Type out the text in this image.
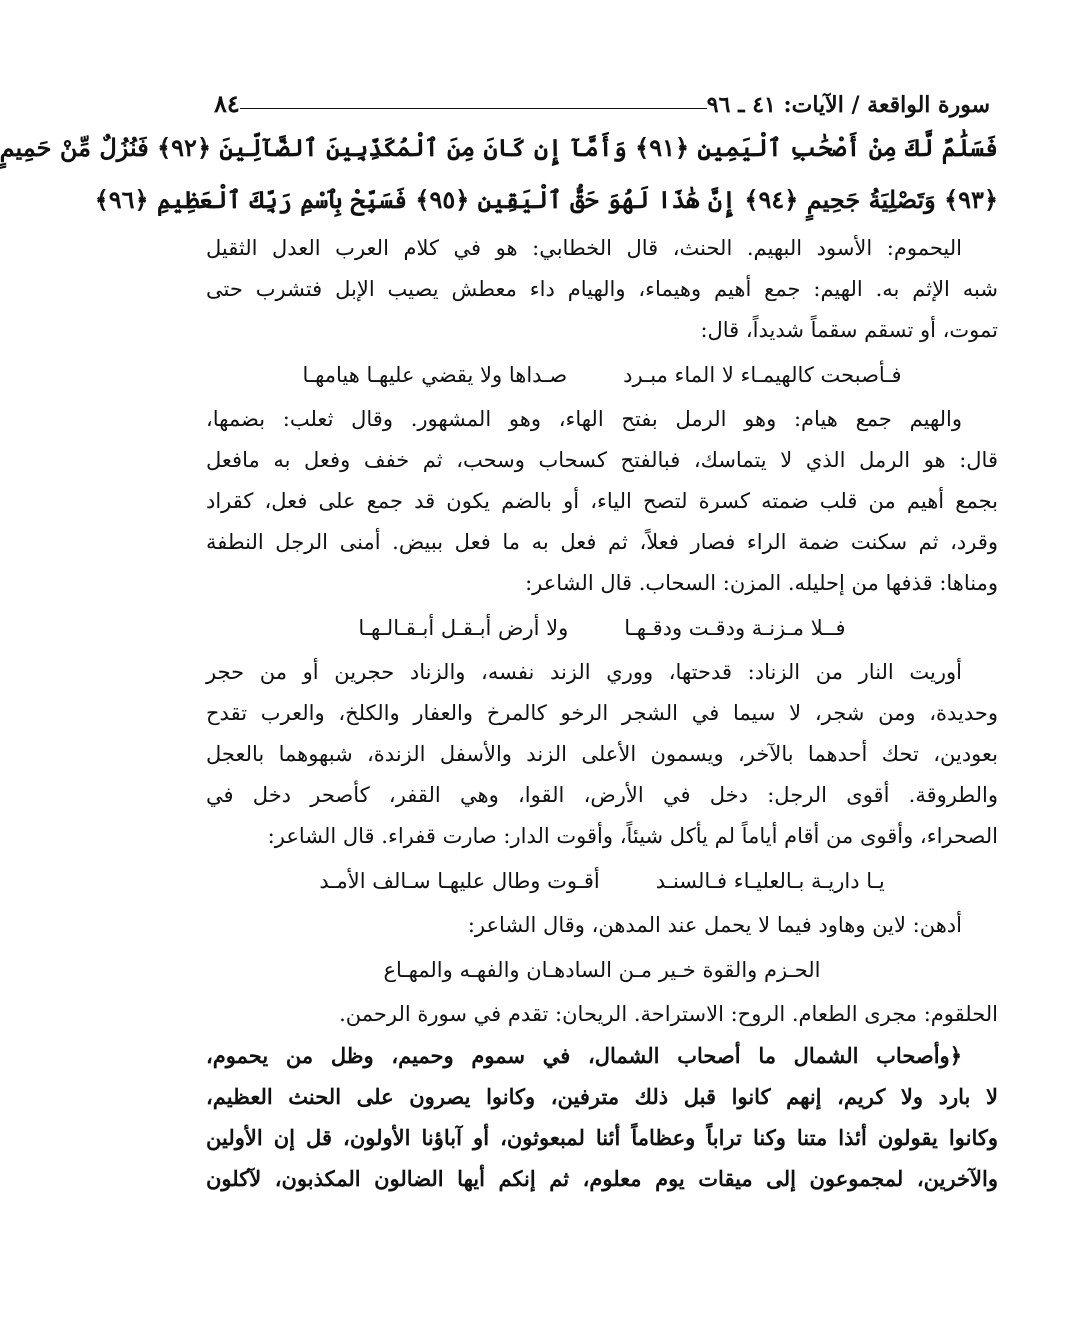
سورة الواقعة / الآيات: ٤١ ـ ٩٦
٨٤
فَسَلَٰمٌ لَّكَ مِنْ أَصْحَٰبِ ٱلْيَمِينِ ﴿٩١﴾ وَأَمَّآ إِن كَانَ مِنَ ٱلْمُكَذِّبِينَ ٱلضَّآلِّينَ ﴿٩٢﴾ فَنُزُلٌ مِّنْ حَمِيمٍ
﴿٩٣﴾ وَتَصْلِيَةُ جَحِيمٍ ﴿٩٤﴾ إِنَّ هَٰذَا لَهُوَ حَقُّ ٱلْيَقِينِ ﴿٩٥﴾ فَسَبِّحْ بِٱسْمِ رَبِّكَ ٱلْعَظِيمِ ﴿٩٦﴾
اليحموم: الأسود البهيم. الحنث، قال الخطابي: هو في كلام العرب العدل الثقيل
شبه الإثم به. الهيم: جمع أهيم وهيماء، والهيام داء معطش يصيب الإبل فتشرب حتى
تموت، أو تسقم سقماً شديداً، قال:
فـأصبحت كالهيمـاء لا الماء مبـرد
صـداها ولا يقضي عليهـا هيامهـا
والهيم جمع هيام: وهو الرمل بفتح الهاء، وهو المشهور. وقال ثعلب: بضمها،
قال: هو الرمل الذي لا يتماسك، فبالفتح كسحاب وسحب، ثم خفف وفعل به مافعل
بجمع أهيم من قلب ضمته كسرة لتصح الياء، أو بالضم يكون قد جمع على فعل، كقراد
وقرد، ثم سكنت ضمة الراء فصار فعلاً، ثم فعل به ما فعل ببيض. أمنى الرجل النطفة
ومناها: قذفها من إحليله. المزن: السحاب. قال الشاعر:
فــلا مـزنـة ودقـت ودقـهـا
ولا أرض أبـقـل أبـقـالـهـا
أوريت النار من الزناد: قدحتها، ووري الزند نفسه، والزناد حجرين أو من حجر
وحديدة، ومن شجر، لا سيما في الشجر الرخو كالمرخ والعفار والكلخ، والعرب تقدح
بعودين، تحك أحدهما بالآخر، ويسمون الأعلى الزند والأسفل الزندة، شبهوهما بالعجل
والطروقة. أقوى الرجل: دخل في الأرض، القوا، وهي القفر، كأصحر دخل في
الصحراء، وأقوى من أقام أياماً لم يأكل شيئاً، وأقوت الدار: صارت قفراء. قال الشاعر:
يـا داريـة بـالعليـاء فـالسنـد
أقـوت وطال عليهـا سـالف الأمـد
أدهن: لاين وهاود فيما لا يحمل عند المدهن، وقال الشاعر:
الحـزم والقوة خـير مـن السادهـان والفهـه والمهـاع
الحلقوم: مجرى الطعام. الروح: الاستراحة. الريحان: تقدم في سورة الرحمن.
﴿وأصحاب الشمال ما أصحاب الشمال، في سموم وحميم، وظل من يحموم،
لا بارد ولا كريم، إنهم كانوا قبل ذلك مترفين، وكانوا يصرون على الحنث العظيم،
وكانوا يقولون أئذا متنا وكنا تراباً وعظاماً أئنا لمبعوثون، أو آباؤنا الأولون، قل إن الأولين
والآخرين، لمجموعون إلى ميقات يوم معلوم، ثم إنكم أيها الضالون المكذبون، لآكلون
